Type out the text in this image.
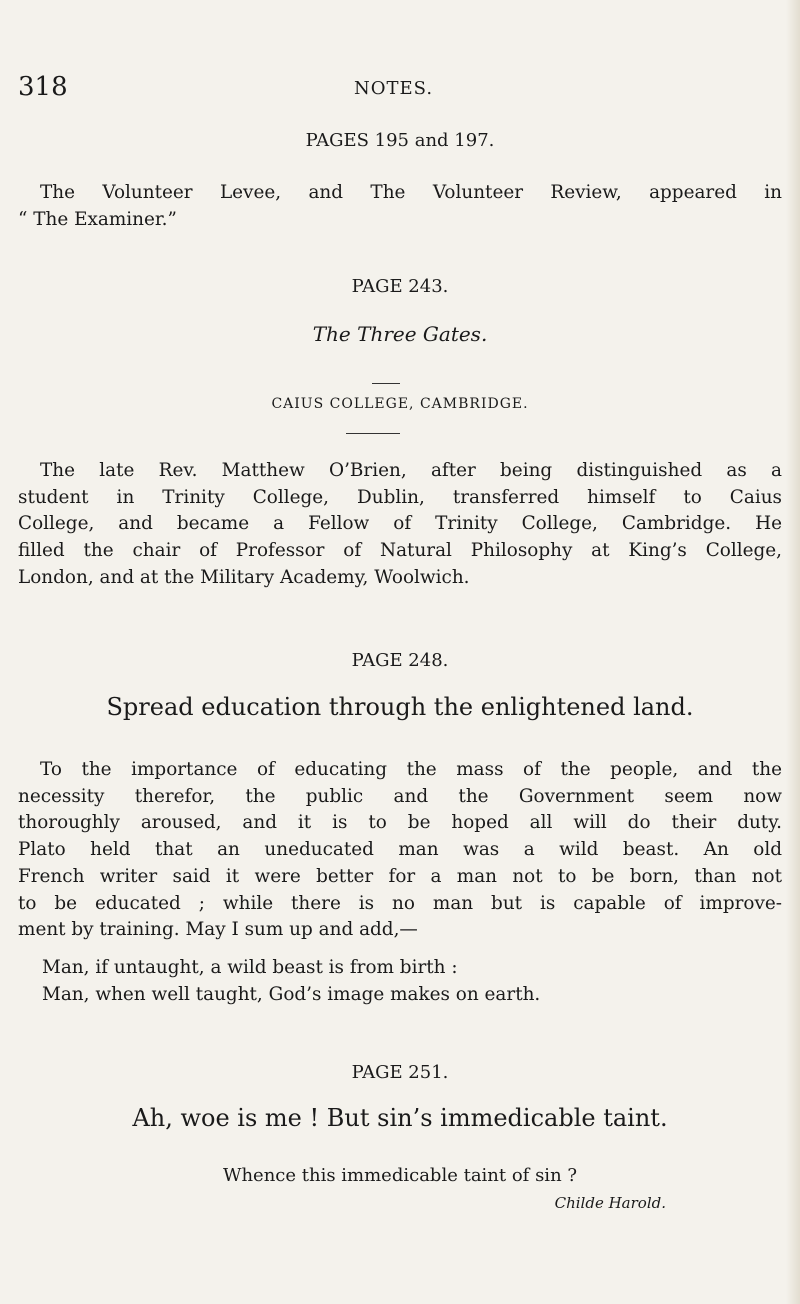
318	NOTES.
PAGES 195 and 197.

The Volunteer Levee, and The Volunteer Review, appeared in
“ The Examiner.”

PAGE 243.
The Three Gates.
CAIUS COLLEGE, CAMBRIDGE.

The late Rev. Matthew O’Brien, after being distinguished as a
student in Trinity College, Dublin, transferred himself to Caius
College, and became a Fellow of Trinity College, Cambridge. He
filled the chair of Professor of Natural Philosophy at King’s College,
London, and at the Military Academy, Woolwich.

PAGE 248.
Spread education through the enlightened land.

To the importance of educating the mass of the people, and the
necessity therefor, the public and the Government seem now
thoroughly aroused, and it is to be hoped all will do their duty.
Plato held that an uneducated man was a wild beast. An old
French writer said it were better for a man not to be born, than not
to be educated ; while there is no man but is capable of improve-
ment by training. May I sum up and add,—

Man, if untaught, a wild beast is from birth :
Man, when well taught, God’s image makes on earth.
PAGE 251.
Ah, woe is me ! But sin’s immedicable taint.
Whence this immedicable taint of sin ?
Childe Harold.
